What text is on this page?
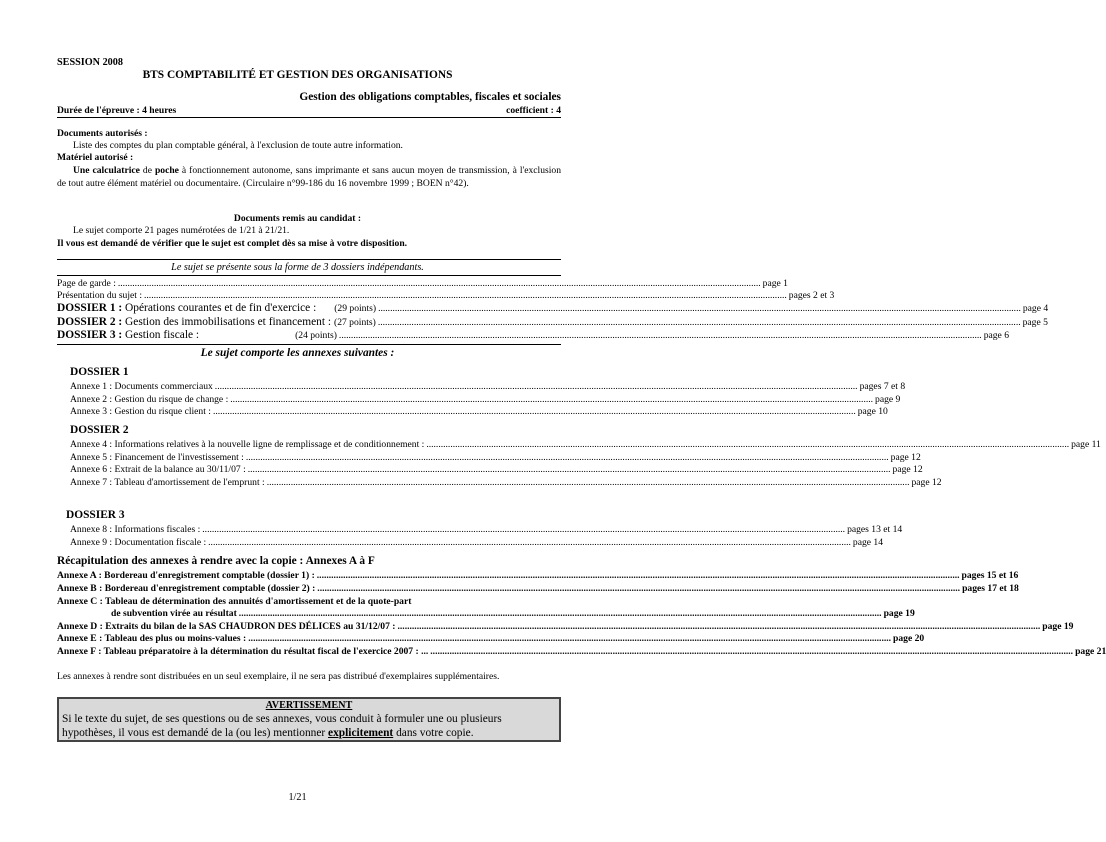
SESSION 2008
BTS COMPTABILITÉ ET GESTION DES ORGANISATIONS
Gestion des obligations comptables, fiscales et sociales
Durée de l'épreuve : 4 heures	coefficient : 4
Documents autorisés :
Liste des comptes du plan comptable général, à l'exclusion de toute autre information.
Matériel autorisé :
Une calculatrice de poche à fonctionnement autonome, sans imprimante et sans aucun moyen de transmission, à l'exclusion de tout autre élément matériel ou documentaire. (Circulaire n°99-186 du 16 novembre 1999 ; BOEN n°42).
Documents remis au candidat :
Le sujet comporte 21 pages numérotées de 1/21 à 21/21.
Il vous est demandé de vérifier que le sujet est complet dès sa mise à votre disposition.
Le sujet se présente sous la forme de 3 dossiers indépendants.
Page de garde : ............................................................................................................................................................................................................................................................................ page 1
Présentation du sujet : ............................................................................................................................................................................................................................................................................ pages 2 et 3
DOSSIER 1 : Opérations courantes et de fin d'exercice : (29 points) ............................................................................................................................................................................................................................................................................ page 4
DOSSIER 2 : Gestion des immobilisations et financement : (27 points) ............................................................................................................................................................................................................................................................................ page 5
DOSSIER 3 : Gestion fiscale :	(24 points) ............................................................................................................................................................................................................................................................................ page 6
Le sujet comporte les annexes suivantes :
DOSSIER 1
Annexe 1 : Documents commerciaux ............................................................................................................................................................................................................................................................................ pages 7 et 8
Annexe 2 : Gestion du risque de change : ............................................................................................................................................................................................................................................................................ page 9
Annexe 3 : Gestion du risque client : ............................................................................................................................................................................................................................................................................ page 10
DOSSIER 2
Annexe 4 : Informations relatives à la nouvelle ligne de remplissage et de conditionnement : ............................................................................................................................................................................................................................................................................ page 11
Annexe 5 : Financement de l'investissement : ............................................................................................................................................................................................................................................................................ page 12
Annexe 6 : Extrait de la balance au 30/11/07 : ............................................................................................................................................................................................................................................................................ page 12
Annexe 7 : Tableau d'amortissement de l'emprunt : ............................................................................................................................................................................................................................................................................ page 12
DOSSIER 3
Annexe 8 : Informations fiscales : ............................................................................................................................................................................................................................................................................ pages 13 et 14
Annexe 9 : Documentation fiscale : ............................................................................................................................................................................................................................................................................ page 14
Récapitulation des annexes à rendre avec la copie : Annexes A à F
Annexe A : Bordereau d'enregistrement comptable (dossier 1) : ............................................................................................................................................................................................................................................................................ pages 15 et 16
Annexe B : Bordereau d'enregistrement comptable (dossier 2) : ............................................................................................................................................................................................................................................................................ pages 17 et 18
Annexe C : Tableau de détermination des annuités d'amortissement et de la quote-part
de subvention virée au résultat ............................................................................................................................................................................................................................................................................ page 19
Annexe D : Extraits du bilan de la SAS CHAUDRON DES DÉLICES au 31/12/07 : ............................................................................................................................................................................................................................................................................ page 19
Annexe E : Tableau des plus ou moins-values : ............................................................................................................................................................................................................................................................................ page 20
Annexe F : Tableau préparatoire à la détermination du résultat fiscal de l'exercice 2007 : ... ............................................................................................................................................................................................................................................................................ page 21
Les annexes à rendre sont distribuées en un seul exemplaire, il ne sera pas distribué d'exemplaires supplémentaires.
AVERTISSEMENT
Si le texte du sujet, de ses questions ou de ses annexes, vous conduit à formuler une ou plusieurs hypothèses, il vous est demandé de la (ou les) mentionner explicitement dans votre copie.
1/21
